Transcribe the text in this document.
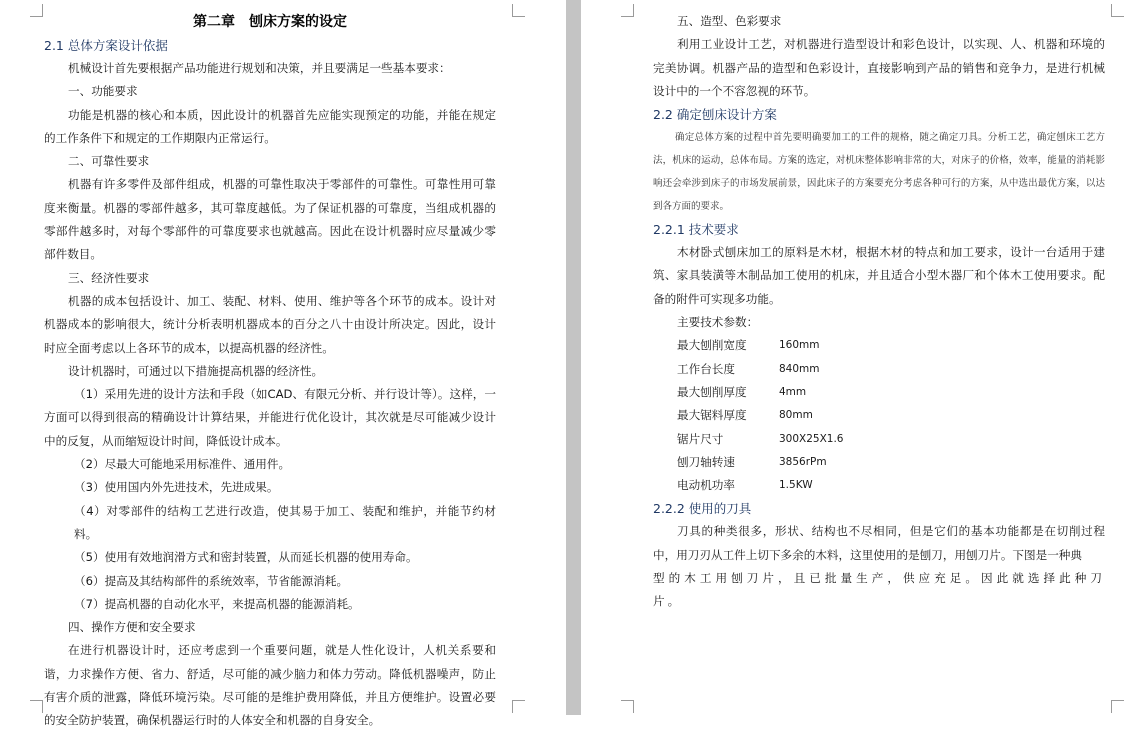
第二章　刨床方案的设定
2.1 总体方案设计依据

机械设计首先要根据产品功能进行规划和决策，并且要满足一些基本要求：

一、功能要求

功能是机器的核心和本质，因此设计的机器首先应能实现预定的功能，并能在规定的工作条件下和规定的工作期限内正常运行。

二、可靠性要求

机器有许多零件及部件组成，机器的可靠性取决于零部件的可靠性。可靠性用可靠度来衡量。机器的零部件越多，其可靠度越低。为了保证机器的可靠度，当组成机器的零部件越多时，对每个零部件的可靠度要求也就越高。因此在设计机器时应尽量减少零部件数目。

三、经济性要求

机器的成本包括设计、加工、装配、材料、使用、维护等各个环节的成本。设计对机器成本的影响很大，统计分析表明机器成本的百分之八十由设计所决定。因此，设计时应全面考虑以上各环节的成本，以提高机器的经济性。

设计机器时，可通过以下措施提高机器的经济性。

（1）采用先进的设计方法和手段（如CAD、有限元分析、并行设计等）。这样，一方面可以得到很高的精确设计计算结果，并能进行优化设计，其次就是尽可能减少设计中的反复，从而缩短设计时间，降低设计成本。

（2）尽最大可能地采用标准件、通用件。
（3）使用国内外先进技术，先进成果。
（4）对零部件的结构工艺进行改造，使其易于加工、装配和维护，并能节约材料。
（5）使用有效地润滑方式和密封装置，从而延长机器的使用寿命。
（6）提高及其结构部件的系统效率，节省能源消耗。
（7）提高机器的自动化水平，来提高机器的能源消耗。
四、操作方便和安全要求

在进行机器设计时，还应考虑到一个重要问题，就是人性化设计，人机关系要和谐，力求操作方便、省力、舒适，尽可能的减少脑力和体力劳动。降低机器噪声，防止有害介质的泄露，降低环境污染。尽可能的是维护费用降低，并且方便维护。设置必要的安全防护装置，确保机器运行时的人体安全和机器的自身安全。

五、造型、色彩要求

利用工业设计工艺，对机器进行造型设计和彩色设计，以实现、人、机器和环境的完美协调。机器产品的造型和色彩设计，直接影响到产品的销售和竞争力，是进行机械设计中的一个不容忽视的环节。

2.2 确定刨床设计方案

确定总体方案的过程中首先要明确要加工的工件的规格，随之确定刀具。分析工艺，确定刨床工艺方法，机床的运动，总体布局。方案的选定，对机床整体影响非常的大，对床子的价格，效率，能量的消耗影响还会牵涉到床子的市场发展前景，因此床子的方案要充分考虑各种可行的方案，从中选出最优方案，以达到各方面的要求。

2.2.1 技术要求

木材卧式刨床加工的原料是木材，根据木材的特点和加工要求，设计一台适用于建筑、家具装潢等木制品加工使用的机床，并且适合小型木器厂和个体木工使用要求。配备的附件可实现多功能。

主要技术参数：
最大刨削宽度	160mm
工作台长度	840mm
最大刨削厚度	4mm
最大锯料厚度	80mm
锯片尺寸	300X25X1.6
刨刀轴转速	3856rPm
电动机功率	1.5KW
2.2.2 使用的刀具

刀具的种类很多，形状、结构也不尽相同，但是它们的基本功能都是在切削过程中，用刀刃从工件上切下多余的木料，这里使用的是刨刀，用刨刀片。下图是一种典

型的木工用刨刀片，且已批量生产，供应充足。因此就选择此种刀片。
